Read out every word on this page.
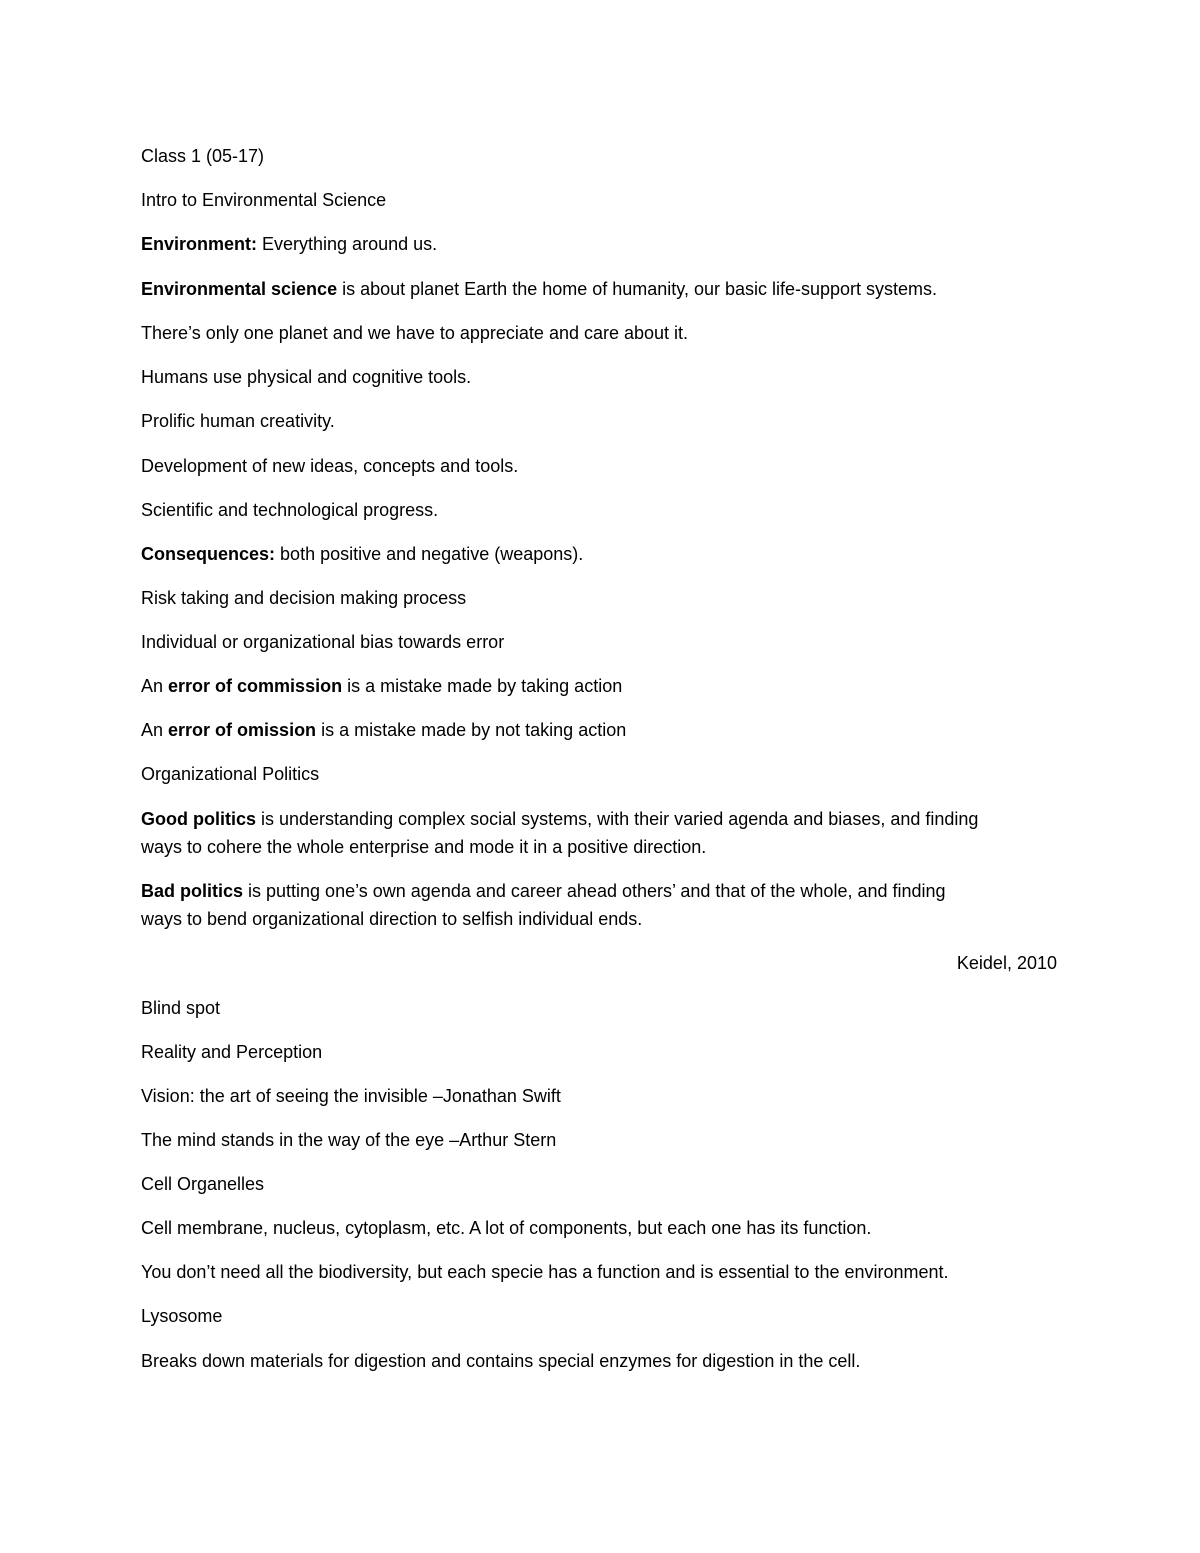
Class 1 (05-17)
Intro to Environmental Science
Environment: Everything around us.
Environmental science is about planet Earth the home of humanity, our basic life-support systems.
There’s only one planet and we have to appreciate and care about it.
Humans use physical and cognitive tools.
Prolific human creativity.
Development of new ideas, concepts and tools.
Scientific and technological progress.
Consequences: both positive and negative (weapons).
Risk taking and decision making process
Individual or organizational bias towards error
An error of commission is a mistake made by taking action
An error of omission is a mistake made by not taking action
Organizational Politics
Good politics is understanding complex social systems, with their varied agenda and biases, and finding
ways to cohere the whole enterprise and mode it in a positive direction.
Bad politics is putting one’s own agenda and career ahead others’ and that of the whole, and finding
ways to bend organizational direction to selfish individual ends.
Keidel, 2010
Blind spot
Reality and Perception
Vision: the art of seeing the invisible –Jonathan Swift
The mind stands in the way of the eye –Arthur Stern
Cell Organelles
Cell membrane, nucleus, cytoplasm, etc. A lot of components, but each one has its function.
You don’t need all the biodiversity, but each specie has a function and is essential to the environment.
Lysosome
Breaks down materials for digestion and contains special enzymes for digestion in the cell.
